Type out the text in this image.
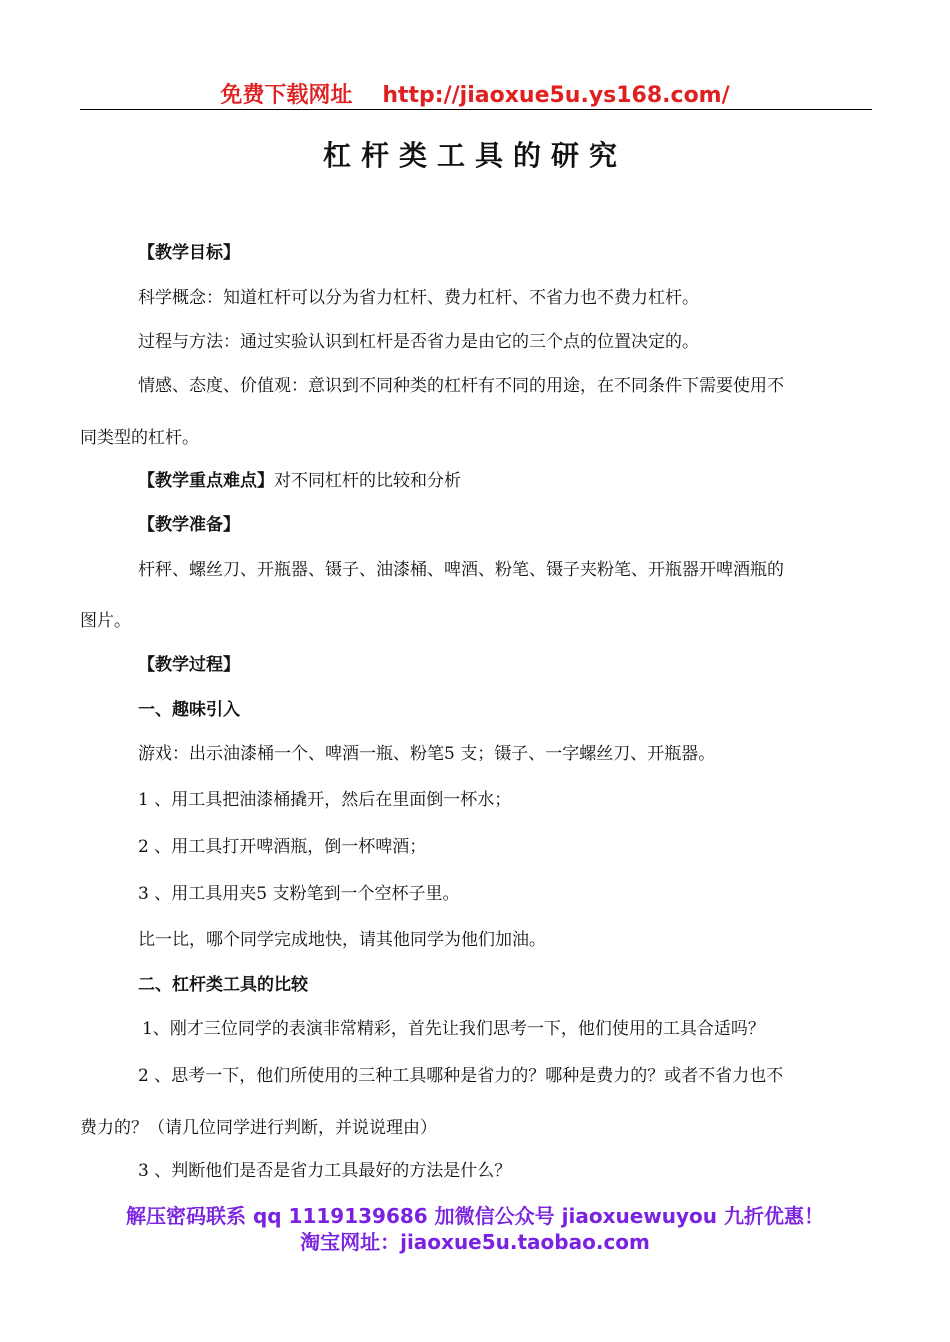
免费下载网址 http://jiaoxue5u.ys168.com/
杠杆类工具的研究
【教学目标】
科学概念：知道杠杆可以分为省力杠杆、费力杠杆、不省力也不费力杠杆。
过程与方法：通过实验认识到杠杆是否省力是由它的三个点的位置决定的。
情感、态度、价值观：意识到不同种类的杠杆有不同的用途，在不同条件下需要使用不
同类型的杠杆。
【教学重点难点】对不同杠杆的比较和分析
【教学准备】
杆秤、螺丝刀、开瓶器、镊子、油漆桶、啤酒、粉笔、镊子夹粉笔、开瓶器开啤酒瓶的
图片。
【教学过程】
一、趣味引入
游戏：出示油漆桶一个、啤酒一瓶、粉笔5 支；镊子、一字螺丝刀、开瓶器。
1 、用工具把油漆桶撬开，然后在里面倒一杯水；
2 、用工具打开啤酒瓶，倒一杯啤酒；
3 、用工具用夹5 支粉笔到一个空杯子里。
比一比，哪个同学完成地快，请其他同学为他们加油。
二、杠杆类工具的比较
1、刚才三位同学的表演非常精彩，首先让我们思考一下，他们使用的工具合适吗？
2 、思考一下，他们所使用的三种工具哪种是省力的？哪种是费力的？或者不省力也不
费力的？（请几位同学进行判断，并说说理由）
3 、判断他们是否是省力工具最好的方法是什么？
解压密码联系 qq 1119139686 加微信公众号 jiaoxuewuyou 九折优惠！
淘宝网址：jiaoxue5u.taobao.com
